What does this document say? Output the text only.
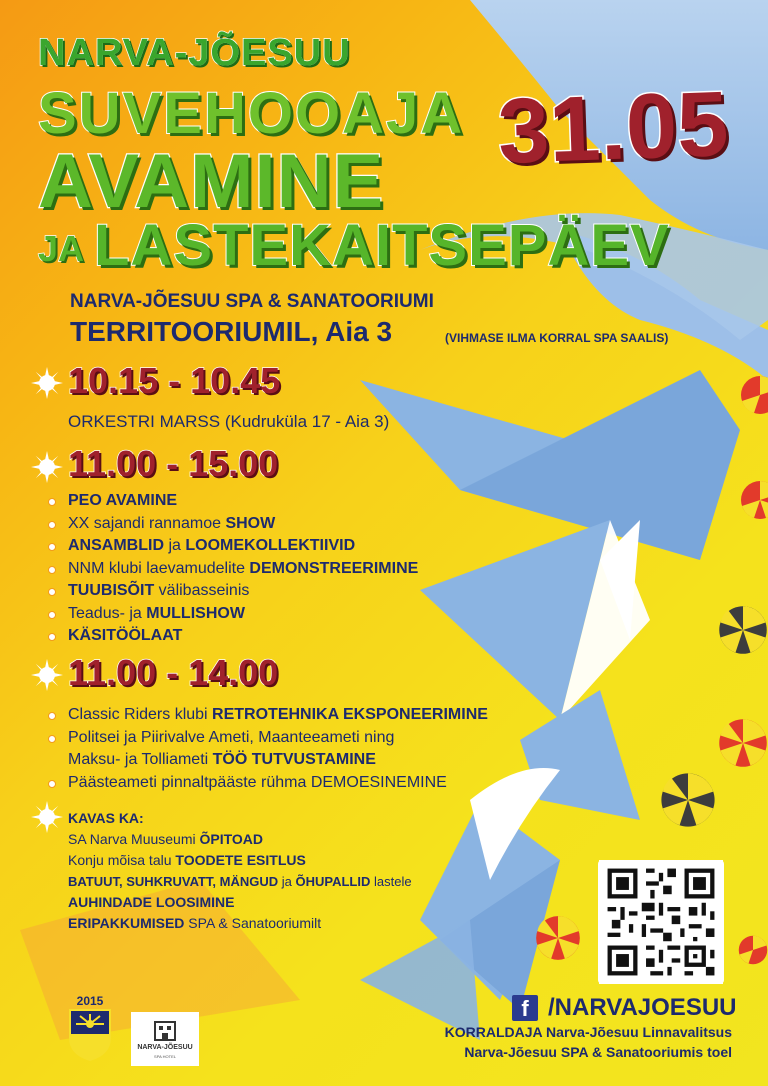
NARVA-JÕESUU
SUVEHOOAJA
AVAMINE
JA LASTEKAITSEPÄEV
31.05
NARVA-JÕESUU SPA & SANATOORIUMI
TERRITOORIUMIL, Aia 3	(VIHMASE ILMA KORRAL SPA SAALIS)
10.15 - 10.45
ORKESTRI MARSS (Kudruküla 17 - Aia 3)
11.00 - 15.00
PEO AVAMINE
XX sajandi rannamoe SHOW
ANSAMBLID ja LOOMEKOLLEKTIIVID
NNM klubi laevamudelite DEMONSTREERIMINE
TUUBISÕIT välibasseinis
Teadus- ja MULLISHOW
KÄSITÖÖLAAT
11.00 - 14.00
Classic Riders klubi RETROTEHNIKA EKSPONEERIMINE
Politsei ja Piirivalve Ameti, Maanteeameti ning
Maksu- ja Tolliameti TÖÖ TUTVUSTAMINE
Päästeameti pinnaltpääste rühma DEMOESINEMINE
KAVAS KA:
SA Narva Muuseumi ÕPITOAD
Konju mõisa talu TOODETE ESITLUS
BATUUT, SUHKRUVATT, MÄNGUD ja ÕHUPALLID lastele
AUHINDADE LOOSIMINE
ERIPAKKUMISED SPA & Sanatooriumilt
f /NARVAJOESUU
KORRALDAJA Narva-Jõesuu Linnavalitsus
Narva-Jõesuu SPA & Sanatooriumis toel
2015
NARVA-JÕESUU
SPA HOTEL
